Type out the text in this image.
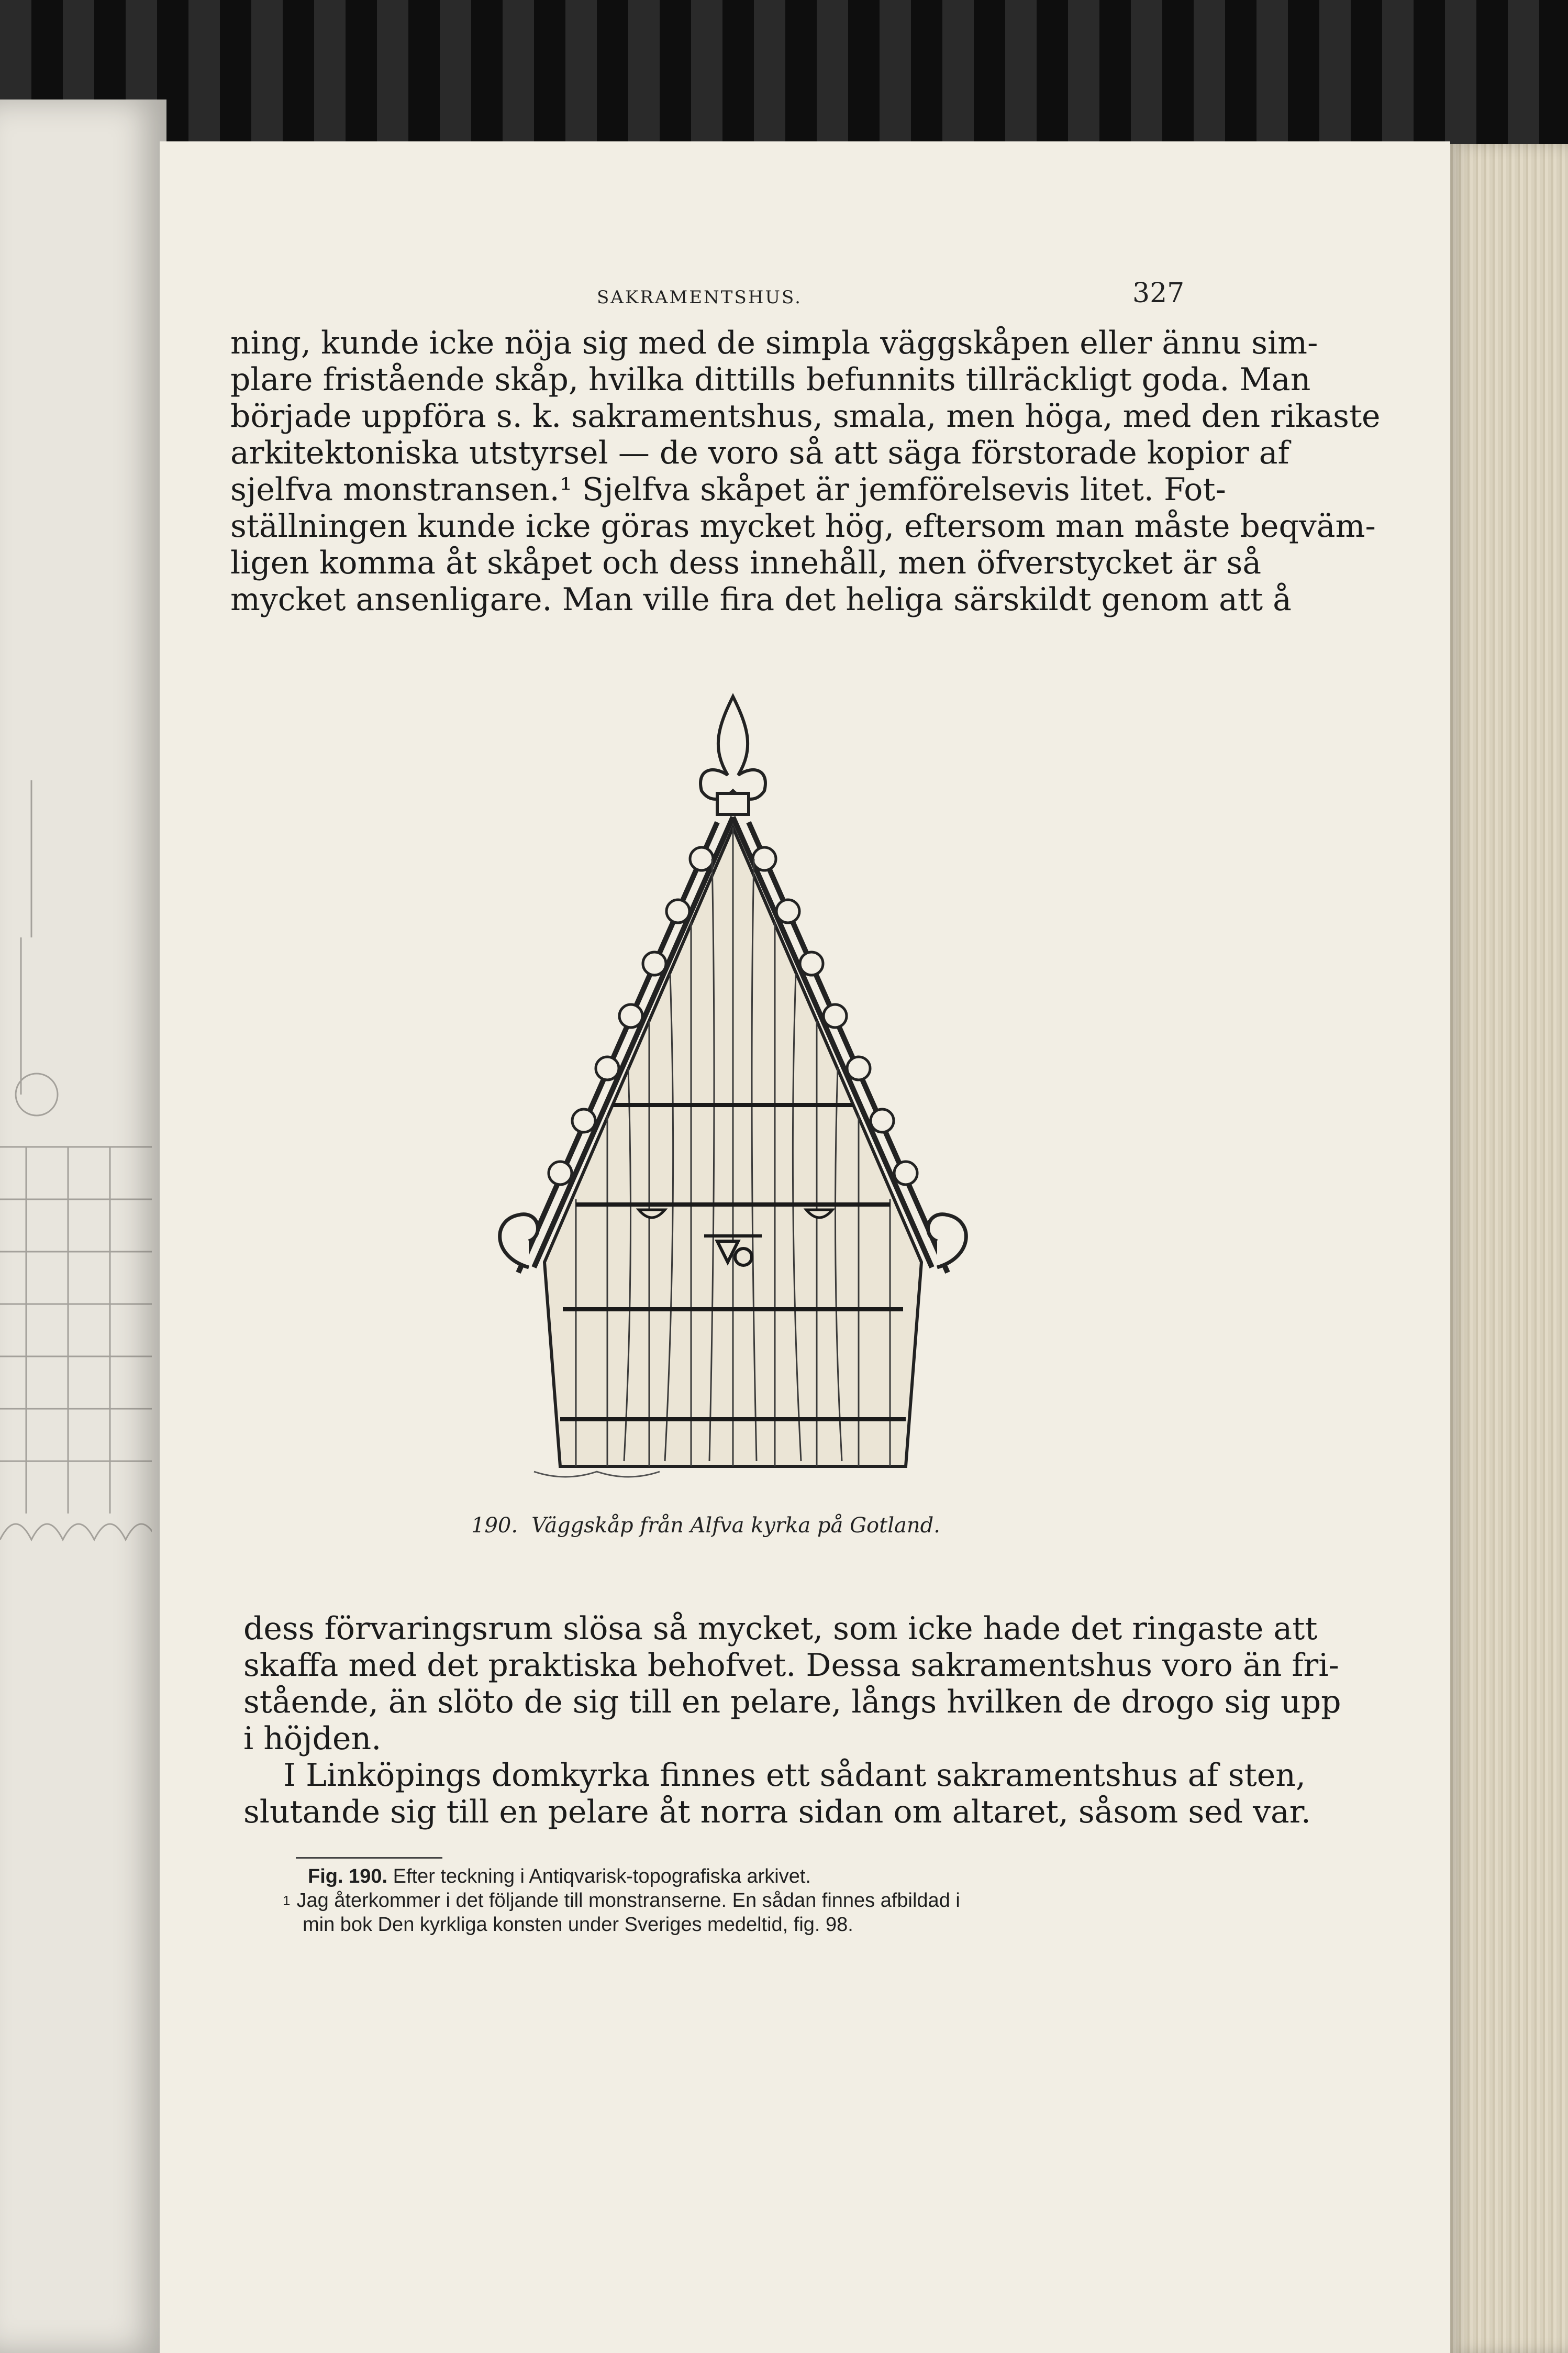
SAKRAMENTSHUS.	327
ning, kunde icke nöja sig med de simpla väggskåpen eller ännu sim-
plare fristående skåp, hvilka dittills befunnits tillräckligt goda. Man
började uppföra s. k. sakramentshus, smala, men höga, med den rikaste
arkitektoniska utstyrsel — de voro så att säga förstorade kopior af
sjelfva monstransen.¹ Sjelfva skåpet är jemförelsevis litet. Fot-
ställningen kunde icke göras mycket hög, eftersom man måste beqväm-
ligen komma åt skåpet och dess innehåll, men öfverstycket är så
mycket ansenligare. Man ville fira det heliga särskildt genom att å
190. Väggskåp från Alfva kyrka på Gotland.
dess förvaringsrum slösa så mycket, som icke hade det ringaste att
skaffa med det praktiska behofvet. Dessa sakramentshus voro än fri-
stående, än slöto de sig till en pelare, långs hvilken de drogo sig upp
i höjden.
I Linköpings domkyrka finnes ett sådant sakramentshus af sten,
slutande sig till en pelare åt norra sidan om altaret, såsom sed var.
Fig. 190. Efter teckning i Antiqvarisk-topografiska arkivet.
$^1$ Jag återkommer i det följande till monstranserne. En sådan finnes afbildad i
min bok Den kyrkliga konsten under Sveriges medeltid, fig. 98.
